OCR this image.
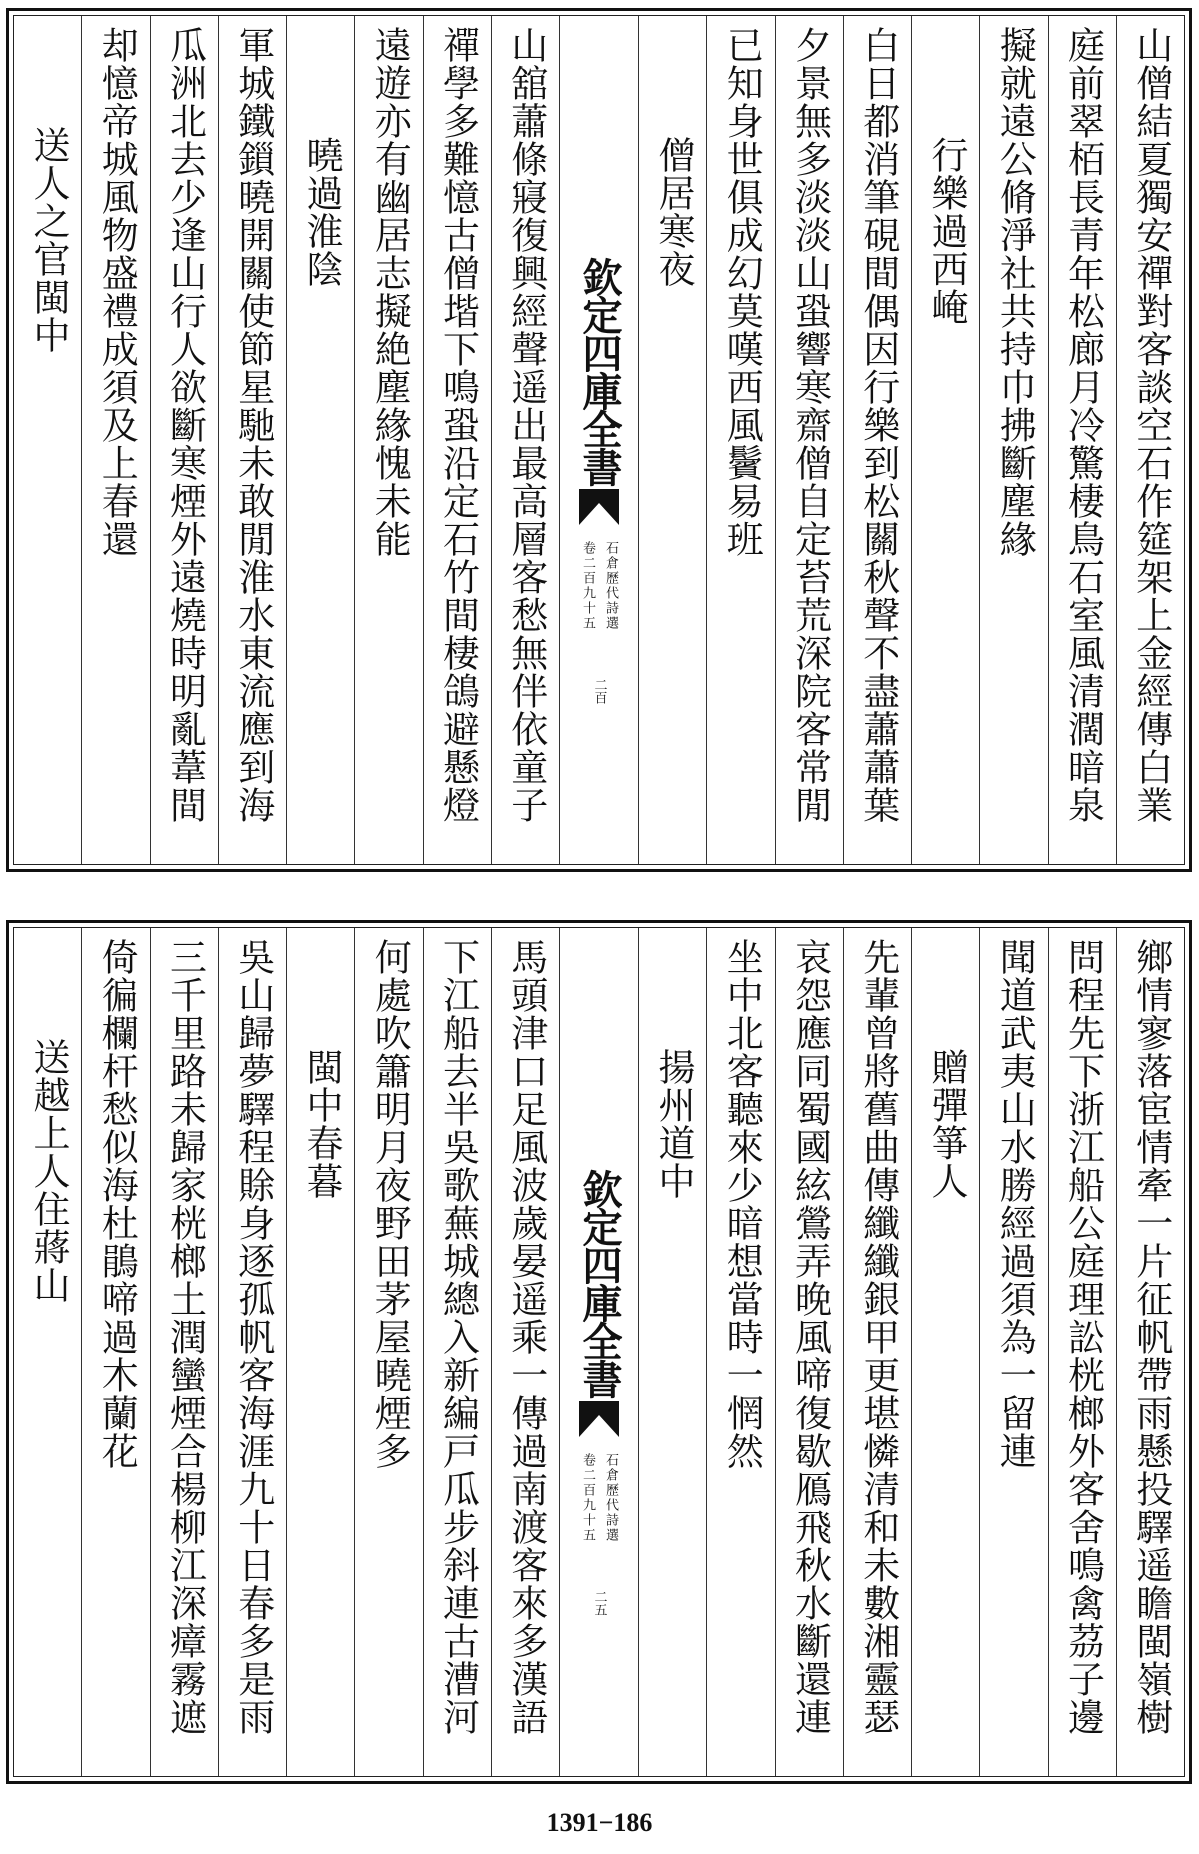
山僧結夏獨安禪對客談空石作筵架上金經傳白業
庭前翠栢長青年松廊月冷驚棲鳥石室風清濶暗泉
擬就遠公脩淨社共持巾拂斷塵緣
行樂過西崦
白日都消筆硯間偶因行樂到松關秋聲不盡蕭蕭葉
夕景無多淡淡山蛩響寒齋僧自定苔荒深院客常閒
已知身世俱成幻莫嘆西風鬢易班
僧居寒夜
欽定四庫全書
石倉歷代詩選
卷二百九十五
二百
山舘蕭條寢復興經聲遥出最高層客愁無伴依童子
禪學多難憶古僧堦下鳴蛩沿定石竹間棲鴿避懸燈
遠遊亦有幽居志擬絶塵緣愧未能
曉過淮陰
軍城鐵鎻曉開關使節星馳未敢閒淮水東流應到海
瓜洲北去少逢山行人欲斷寒煙外遠燒時明亂葦間
却憶帝城風物盛禮成須及上春還
送人之官閩中
鄉情寥落宦情牽一片征帆帶雨懸投驛遥瞻閩嶺樹
問程先下浙江船公庭理訟桄榔外客舍鳴禽茘子邊
聞道武夷山水勝經過須為一留連
贈彈箏人
先輩曾將舊曲傳纖纖銀甲更堪憐清和未數湘靈瑟
哀怨應同蜀國絃鶯弄晚風啼復歇鴈飛秋水斷還連
坐中北客聽來少暗想當時一惘然
揚州道中
欽定四庫全書
石倉歷代詩選
卷二百九十五
二五
馬頭津口足風波歲晏遥乘一傳過南渡客來多漢語
下江船去半吳歌蕪城總入新編戸瓜步斜連古漕河
何處吹簫明月夜野田茅屋曉煙多
閩中春暮
吳山歸夢驛程賖身逐孤帆客海涯九十日春多是雨
三千里路未歸家桄榔土潤蠻煙合楊柳江深瘴霧遮
倚徧欄杆愁似海杜鵑啼過木蘭花
送越上人住蔣山
1391−186
